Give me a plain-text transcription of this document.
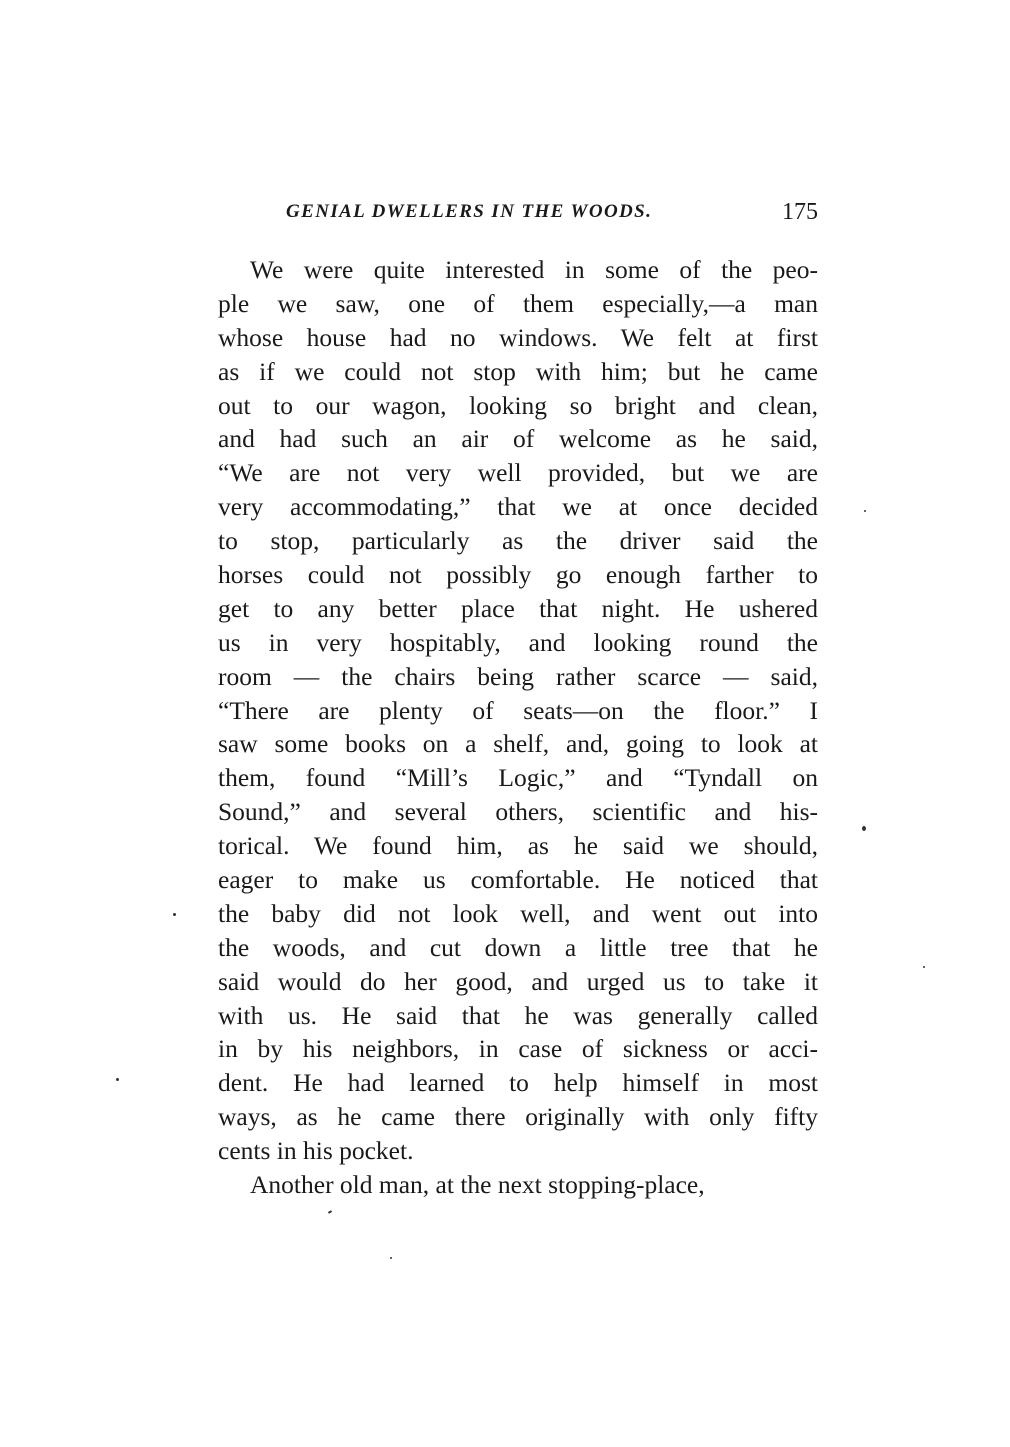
GENIAL DWELLERS IN THE WOODS.	175
We were quite interested in some of the peo-
ple we saw, one of them especially,—a man
whose house had no windows. We felt at first
as if we could not stop with him; but he came
out to our wagon, looking so bright and clean,
and had such an air of welcome as he said,
“We are not very well provided, but we are
very accommodating,” that we at once decided
to stop, particularly as the driver said the
horses could not possibly go enough farther to
get to any better place that night. He ushered
us in very hospitably, and looking round the
room — the chairs being rather scarce — said,
“There are plenty of seats—on the floor.” I
saw some books on a shelf, and, going to look at
them, found “Mill’s Logic,” and “Tyndall on
Sound,” and several others, scientific and his-
torical. We found him, as he said we should,
eager to make us comfortable. He noticed that
the baby did not look well, and went out into
the woods, and cut down a little tree that he
said would do her good, and urged us to take it
with us. He said that he was generally called
in by his neighbors, in case of sickness or acci-
dent. He had learned to help himself in most
ways, as he came there originally with only fifty
cents in his pocket.
Another old man, at the next stopping-place,
